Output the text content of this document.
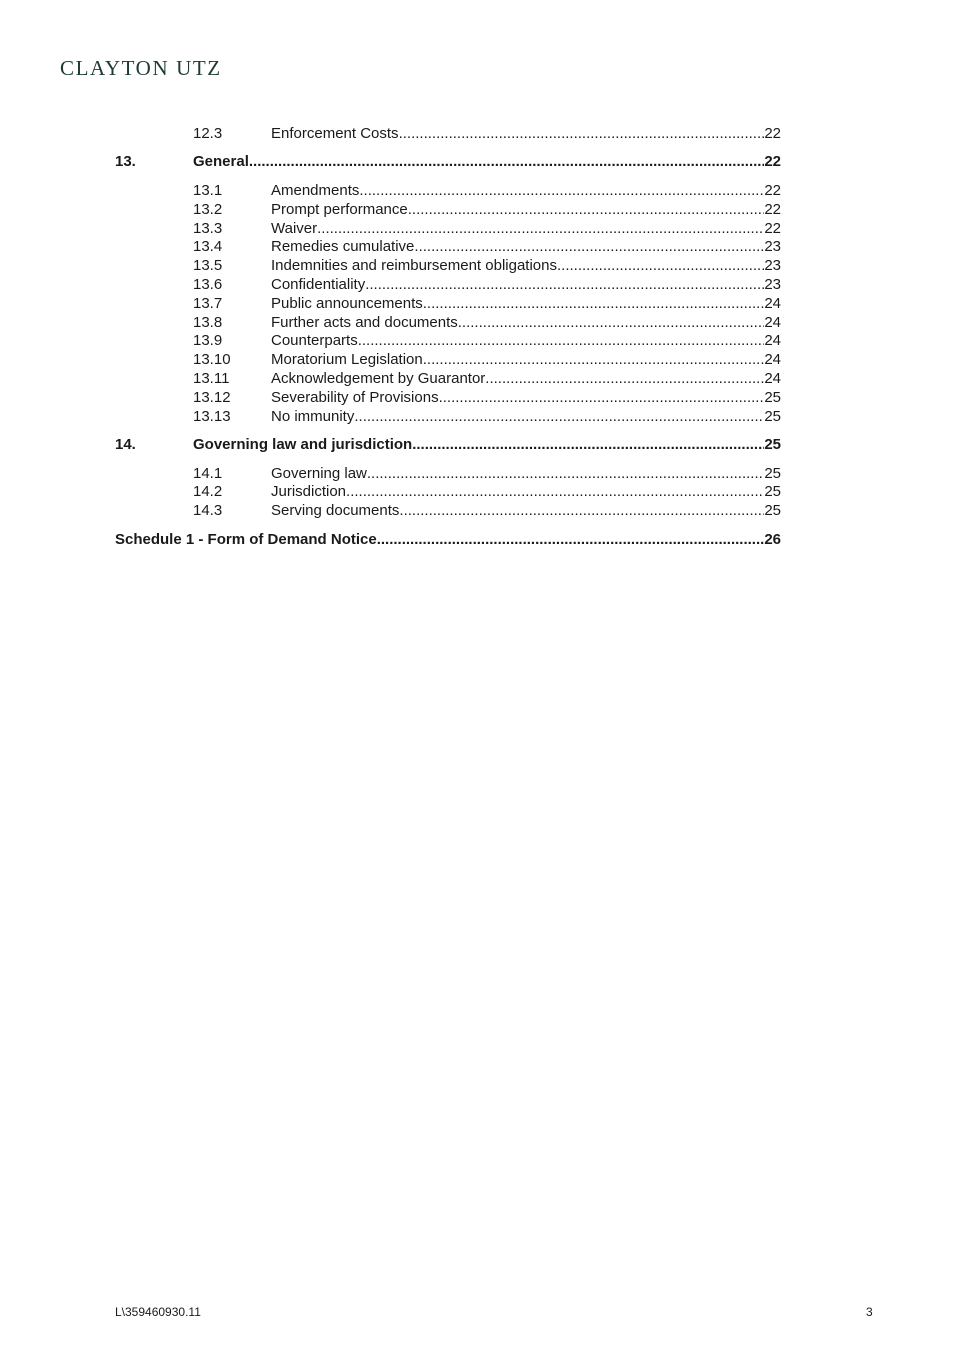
CLAYTON UTZ
12.3	Enforcement Costs .....	22
13.	General .....	22
13.1	Amendments .....	22
13.2	Prompt performance .....	22
13.3	Waiver .....	22
13.4	Remedies cumulative .....	23
13.5	Indemnities and reimbursement obligations .....	23
13.6	Confidentiality .....	23
13.7	Public announcements .....	24
13.8	Further acts and documents .....	24
13.9	Counterparts .....	24
13.10	Moratorium Legislation .....	24
13.11	Acknowledgement by Guarantor .....	24
13.12	Severability of Provisions .....	25
13.13	No immunity .....	25
14.	Governing law and jurisdiction .....	25
14.1	Governing law .....	25
14.2	Jurisdiction .....	25
14.3	Serving documents .....	25
Schedule 1 - Form of Demand Notice .....	26
L\359460930.11	3
